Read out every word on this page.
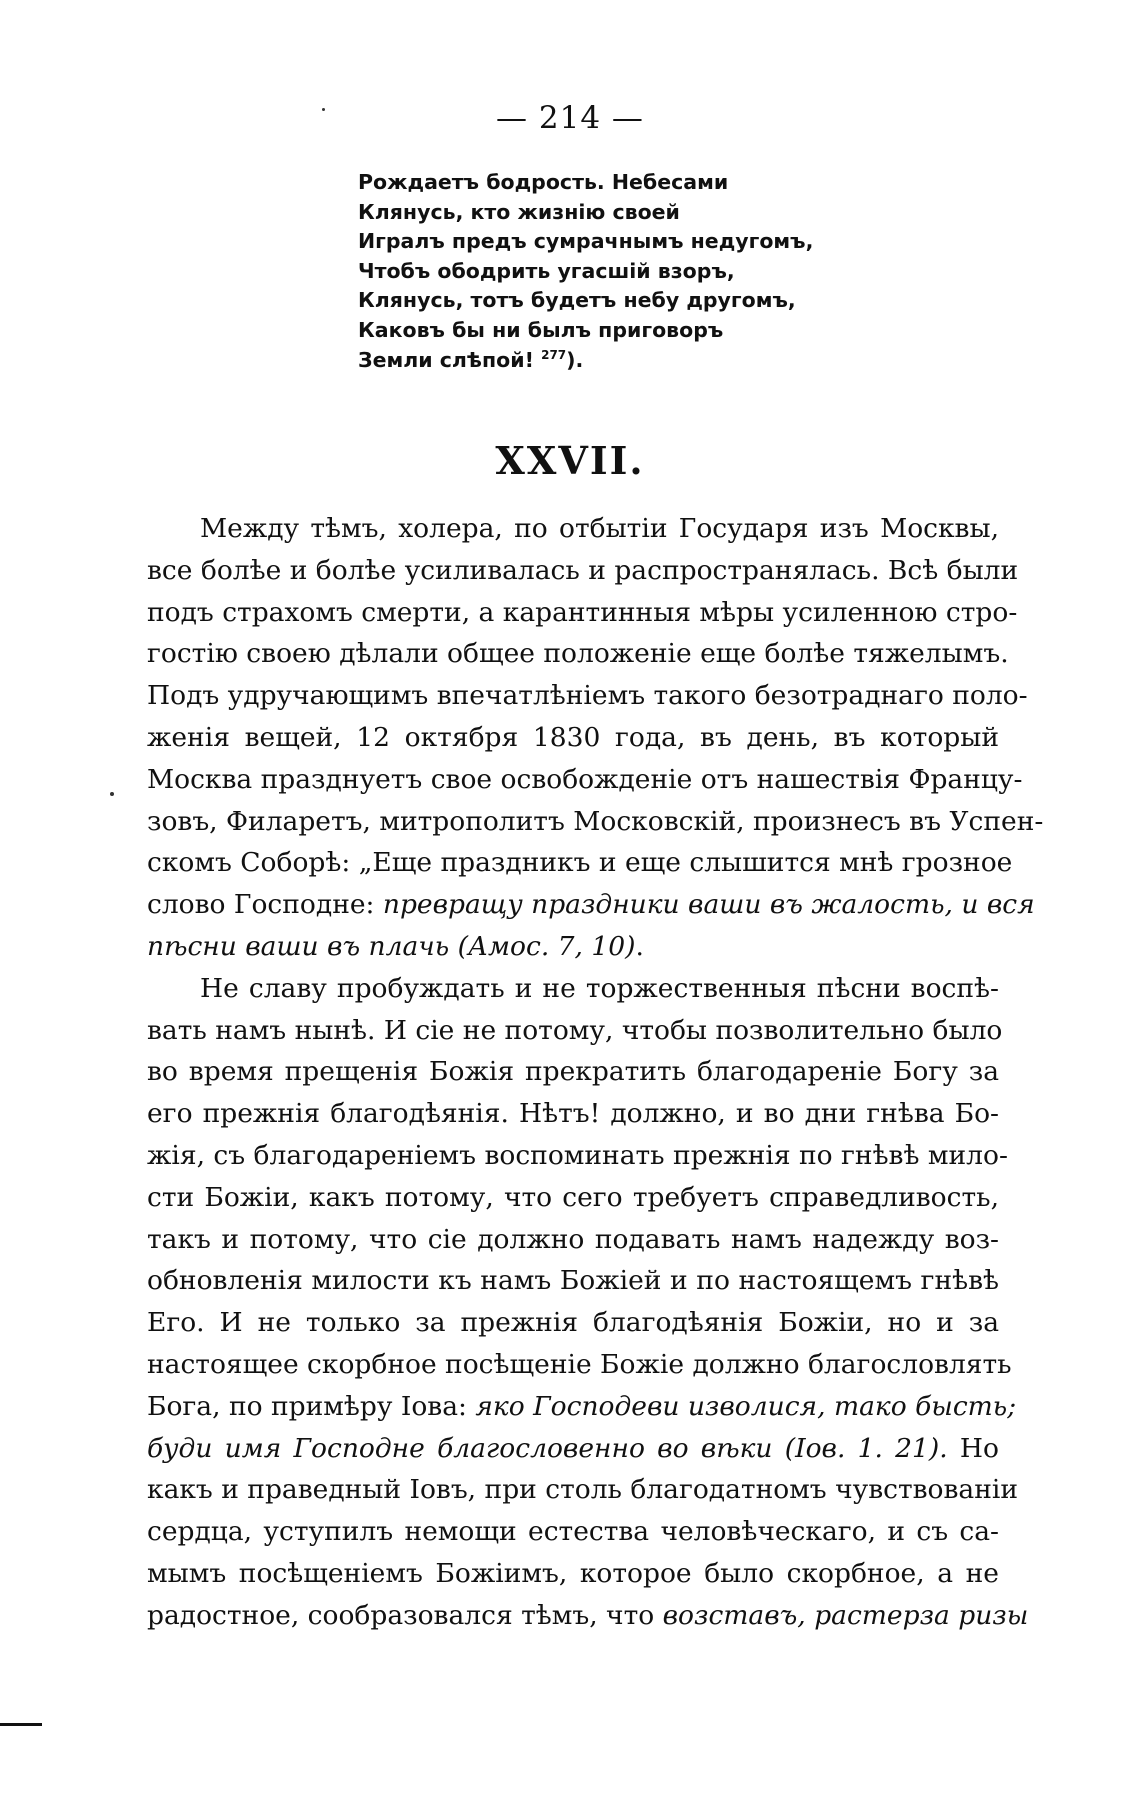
— 214 —
Рождаетъ бодрость. Небесами
Клянусь, кто жизнію своей
Игралъ предъ сумрачнымъ недугомъ,
Чтобъ ободрить угасшій взоръ,
Клянусь, тотъ будетъ небу другомъ,
Каковъ бы ни былъ приговоръ
Земли слѣпой! $^{277}$).
XXVII.

Между тѣмъ, холера, по отбытіи Государя изъ Москвы,
все болѣе и болѣе усиливалась и распространялась. Всѣ были
подъ страхомъ смерти, а карантинныя мѣры усиленною стро-
гостію своею дѣлали общее положеніе еще болѣе тяжелымъ.
Подъ удручающимъ впечатлѣніемъ такого безотраднаго поло-
женія вещей, 12 октября 1830 года, въ день, въ который
Москва празднуетъ свое освобожденіе отъ нашествія Францу-
зовъ, Филаретъ, митрополитъ Московскій, произнесъ въ Успен-
скомъ Соборѣ: „Еще праздникъ и еще слышится мнѣ грозное
слово Господне: превращу праздники ваши въ жалость, и вся
пѣсни ваши въ плачь (Амос. 7, 10).

Не славу пробуждать и не торжественныя пѣсни воспѣ-
вать намъ нынѣ. И сіе не потому, чтобы позволительно было
во время прещенія Божія прекратить благодареніе Богу за
его прежнія благодѣянія. Нѣтъ! должно, и во дни гнѣва Бо-
жія, съ благодареніемъ воспоминать прежнія по гнѣвѣ мило-
сти Божіи, какъ потому, что сего требуетъ справедливость,
такъ и потому, что сіе должно подавать намъ надежду воз-
обновленія милости къ намъ Божіей и по настоящемъ гнѣвѣ
Его. И не только за прежнія благодѣянія Божіи, но и за
настоящее скорбное посѣщеніе Божіе должно благословлять
Бога, по примѣру Іова: яко Господеви изволися, тако бысть;
буди имя Господне благословенно во вѣки (Іов. 1. 21). Но
какъ и праведный Іовъ, при столь благодатномъ чувствованіи
сердца, уступилъ немощи естества человѣческаго, и съ са-
мымъ посѣщеніемъ Божіимъ, которое было скорбное, а не
радостное, сообразовался тѣмъ, что возставъ, растерза ризы
